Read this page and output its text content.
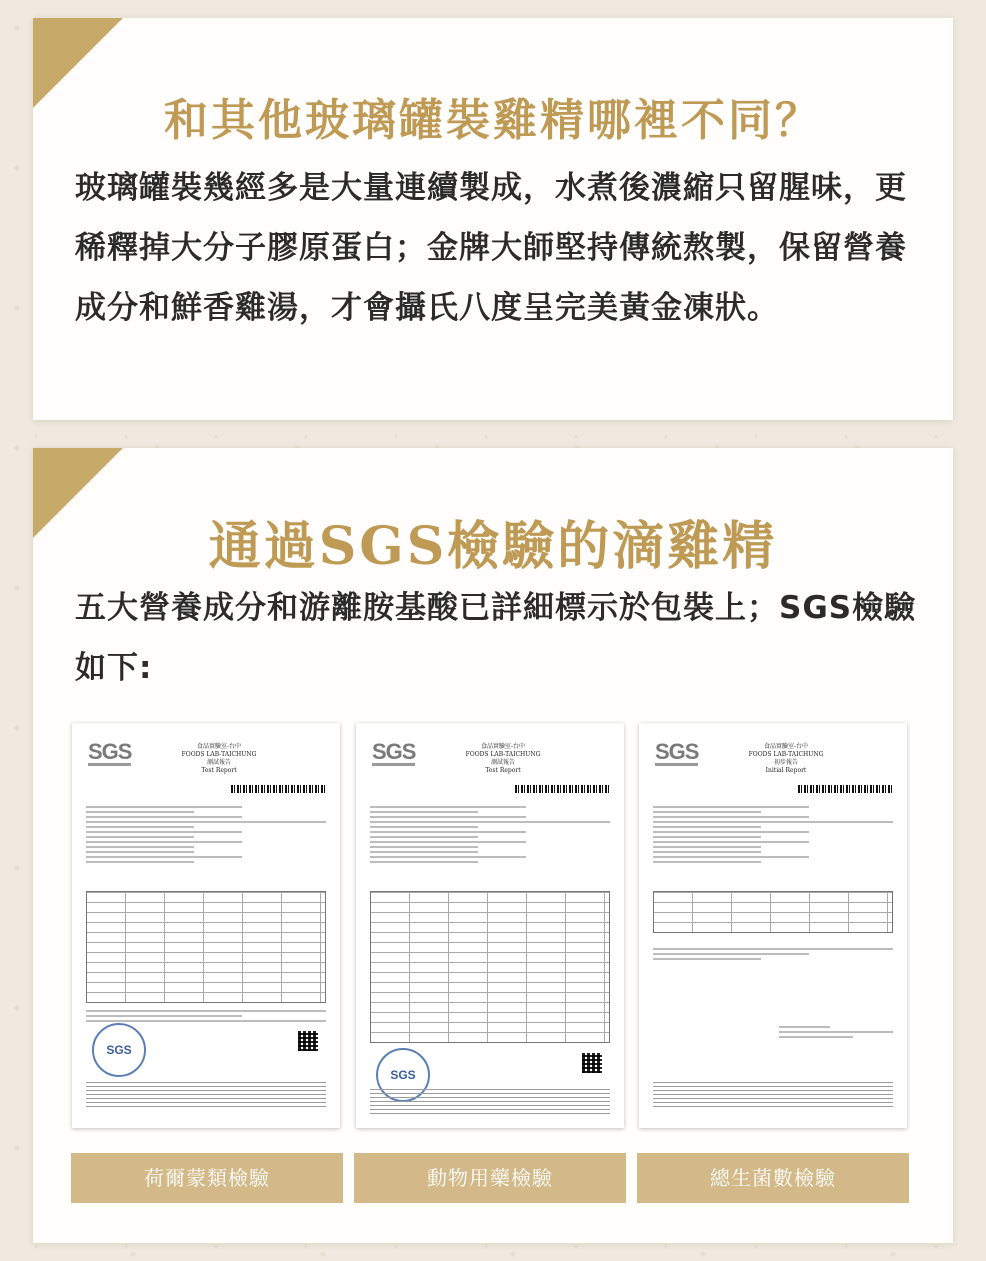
和其他玻璃罐裝雞精哪裡不同？
玻璃罐裝幾經多是大量連續製成，水煮後濃縮只留腥味，更稀釋掉大分子膠原蛋白；金牌大師堅持傳統熬製，保留營養成分和鮮香雞湯，才會攝氏八度呈完美黃金凍狀。
通過SGS檢驗的滴雞精
五大營養成分和游離胺基酸已詳細標示於包裝上；SGS檢驗如下:
SGS	食品實驗室-台中
FOODS LAB-TAICHUNG
測試報告
Test Report
SGS
SGS	食品實驗室-台中
FOODS LAB-TAICHUNG
測試報告
Test Report
SGS
SGS	食品實驗室-台中
FOODS LAB-TAICHUNG
初步報告
Initial Report
荷爾蒙類檢驗	動物用藥檢驗	總生菌數檢驗
